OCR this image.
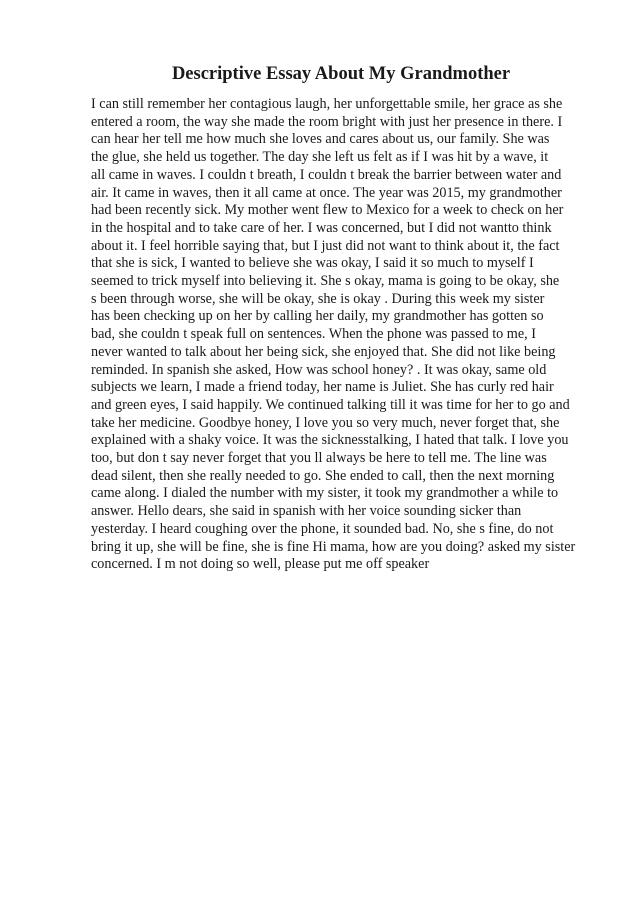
Descriptive Essay About My Grandmother
I can still remember her contagious laugh, her unforgettable smile, her grace as she
entered a room, the way she made the room bright with just her presence in there. I
can hear her tell me how much she loves and cares about us, our family. She was
the glue, she held us together. The day she left us felt as if I was hit by a wave, it
all came in waves. I couldn t breath, I couldn t break the barrier between water and
air. It came in waves, then it all came at once. The year was 2015, my grandmother
had been recently sick. My mother went flew to Mexico for a week to check on her
in the hospital and to take care of her. I was concerned, but I did not wantto think
about it. I feel horrible saying that, but I just did not want to think about it, the fact
that she is sick, I wanted to believe she was okay, I said it so much to myself I
seemed to trick myself into believing it. She s okay, mama is going to be okay, she
s been through worse, she will be okay, she is okay . During this week my sister
has been checking up on her by calling her daily, my grandmother has gotten so
bad, she couldn t speak full on sentences. When the phone was passed to me, I
never wanted to talk about her being sick, she enjoyed that. She did not like being
reminded. In spanish she asked, How was school honey? . It was okay, same old
subjects we learn, I made a friend today, her name is Juliet. She has curly red hair
and green eyes, I said happily. We continued talking till it was time for her to go and
take her medicine. Goodbye honey, I love you so very much, never forget that, she
explained with a shaky voice. It was the sicknesstalking, I hated that talk. I love you
too, but don t say never forget that you ll always be here to tell me. The line was
dead silent, then she really needed to go. She ended to call, then the next morning
came along. I dialed the number with my sister, it took my grandmother a while to
answer. Hello dears, she said in spanish with her voice sounding sicker than
yesterday. I heard coughing over the phone, it sounded bad. No, she s fine, do not
bring it up, she will be fine, she is fine Hi mama, how are you doing? asked my sister
concerned. I m not doing so well, please put me off speaker
